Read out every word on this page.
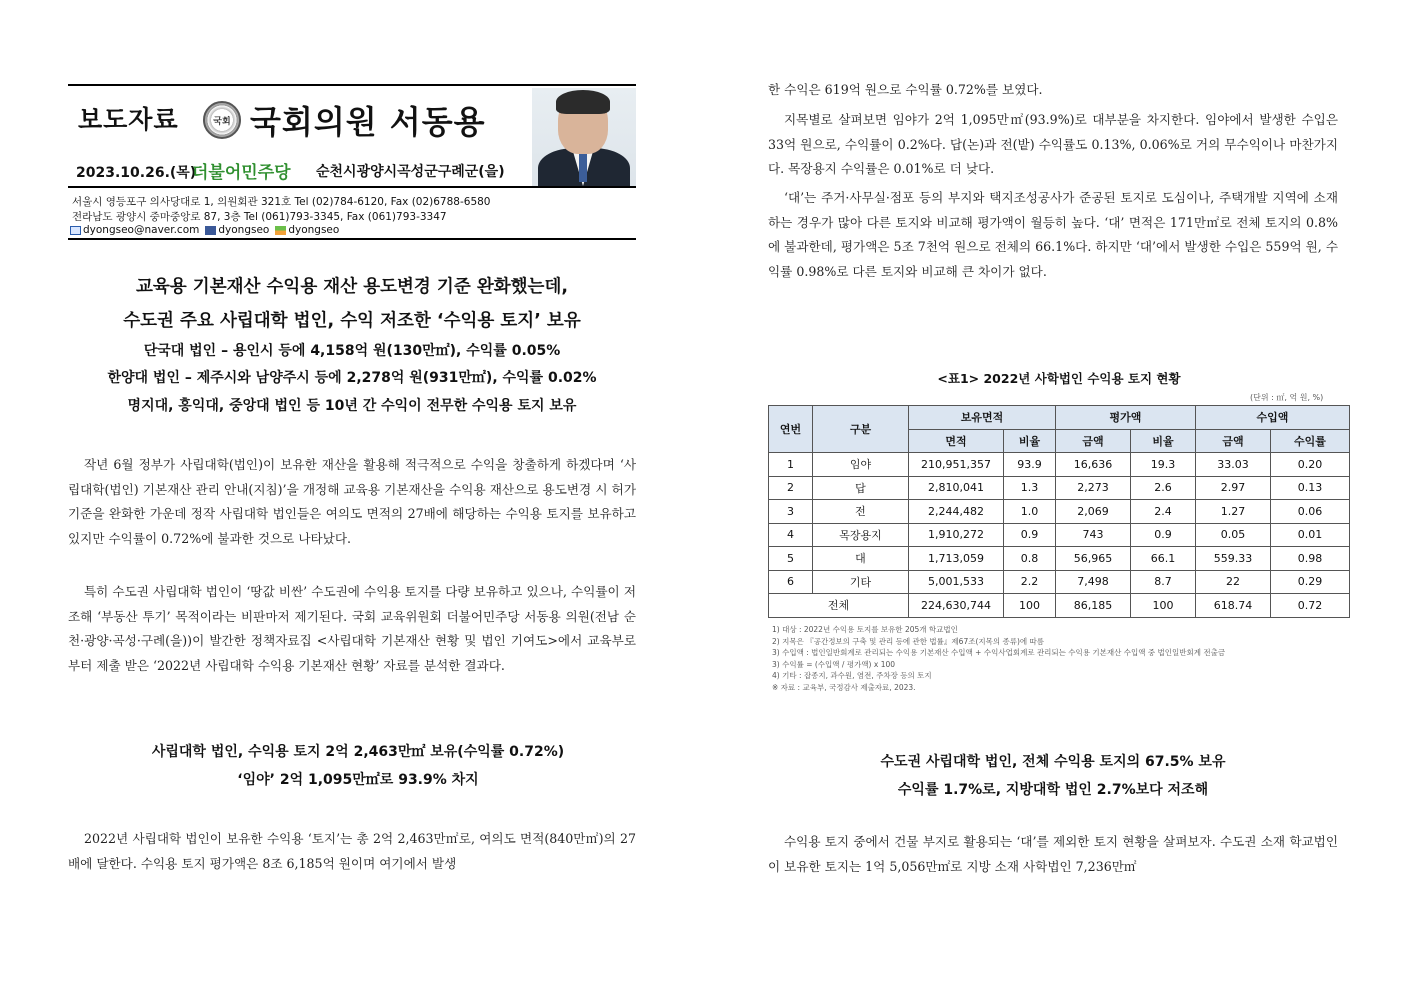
보도자료	국회 국회의원 서동용
2023.10.26.(목)
더불어민주당 순천시광양시곡성군구례군(을)
서울시 영등포구 의사당대로 1, 의원회관 321호 Tel (02)784-6120, Fax (02)6788-6580
전라남도 광양시 중마중앙로 87, 3층 Tel (061)793-3345, Fax (061)793-3347
dyongseo@naver.com	dyongseo	dyongseo
교육용 기본재산 수익용 재산 용도변경 기준 완화했는데,
수도권 주요 사립대학 법인, 수익 저조한 ‘수익용 토지’ 보유
단국대 법인 – 용인시 등에 4,158억 원(130만㎡), 수익률 0.05%
한양대 법인 – 제주시와 남양주시 등에 2,278억 원(931만㎡), 수익률 0.02%
명지대, 홍익대, 중앙대 법인 등 10년 간 수익이 전무한 수익용 토지 보유

작년 6월 정부가 사립대학(법인)이 보유한 재산을 활용해 적극적으로 수익을 창출하게 하겠다며 ‘사립대학(법인) 기본재산 관리 안내(지침)’을 개정해 교육용 기본재산을 수익용 재산으로 용도변경 시 허가 기준을 완화한 가운데 정작 사립대학 법인들은 여의도 면적의 27배에 해당하는 수익용 토지를 보유하고 있지만 수익률이 0.72%에 불과한 것으로 나타났다.

특히 수도권 사립대학 법인이 ‘땅값 비싼’ 수도권에 수익용 토지를 다량 보유하고 있으나, 수익률이 저조해 ‘부동산 투기’ 목적이라는 비판마저 제기된다. 국회 교육위원회 더불어민주당 서동용 의원(전남 순천·광양·곡성·구례(을))이 발간한 정책자료집 <사립대학 기본재산 현황 및 법인 기여도>에서 교육부로부터 제출 받은 ‘2022년 사립대학 수익용 기본재산 현황’ 자료를 분석한 결과다.

사립대학 법인, 수익용 토지 2억 2,463만㎡ 보유(수익률 0.72%)
‘임야’ 2억 1,095만㎡로 93.9% 차지

2022년 사립대학 법인이 보유한 수익용 ‘토지’는 총 2억 2,463만㎡로, 여의도 면적(840만㎡)의 27배에 달한다. 수익용 토지 평가액은 8조 6,185억 원이며 여기에서 발생

한 수익은 619억 원으로 수익률 0.72%를 보였다.

지목별로 살펴보면 임야가 2억 1,095만㎡(93.9%)로 대부분을 차지한다. 임야에서 발생한 수입은 33억 원으로, 수익률이 0.2%다. 답(논)과 전(밭) 수익률도 0.13%, 0.06%로 거의 무수익이나 마찬가지다. 목장용지 수익률은 0.01%로 더 낮다.

‘대’는 주거·사무실·점포 등의 부지와 택지조성공사가 준공된 토지로 도심이나, 주택개발 지역에 소재하는 경우가 많아 다른 토지와 비교해 평가액이 월등히 높다. ‘대’ 면적은 171만㎡로 전체 토지의 0.8%에 불과한데, 평가액은 5조 7천억 원으로 전체의 66.1%다. 하지만 ‘대’에서 발생한 수입은 559억 원, 수익률 0.98%로 다른 토지와 비교해 큰 차이가 없다.

<표1> 2022년 사학법인 수익용 토지 현황
(단위 : ㎡, 억 원, %)
연번	구분	보유면적		평가액		수입액	
		면적	비율	금액	비율	금액	수익률
1	임야	210,951,357	93.9	16,636	19.3	33.03	0.20
2	답	2,810,041	1.3	2,273	2.6	2.97	0.13
3	전	2,244,482	1.0	2,069	2.4	1.27	0.06
4	목장용지	1,910,272	0.9	743	0.9	0.05	0.01
5	대	1,713,059	0.8	56,965	66.1	559.33	0.98
6	기타	5,001,533	2.2	7,498	8.7	22	0.29
전체		224,630,744	100	86,185	100	618.74	0.72
1) 대상 : 2022년 수익용 토지를 보유한 205개 학교법인
2) 지목은 『공간정보의 구축 및 관리 등에 관한 법률』제67조(지목의 종류)에 따름
3) 수입액 : 법인일반회계로 관리되는 수익용 기본재산 수입액 + 수익사업회계로 관리되는 수익용 기본재산 수입액 중 법인일반회계 전출금
3) 수익률 = (수입액 / 평가액) x 100
4) 기타 : 잡종지, 과수원, 염전, 주차장 등의 토지
※ 자료 : 교육부, 국정감사 제출자료, 2023.
수도권 사립대학 법인, 전체 수익용 토지의 67.5% 보유
수익률 1.7%로, 지방대학 법인 2.7%보다 저조해

수익용 토지 중에서 건물 부지로 활용되는 ‘대’를 제외한 토지 현황을 살펴보자. 수도권 소재 학교법인이 보유한 토지는 1억 5,056만㎡로 지방 소재 사학법인 7,236만㎡
